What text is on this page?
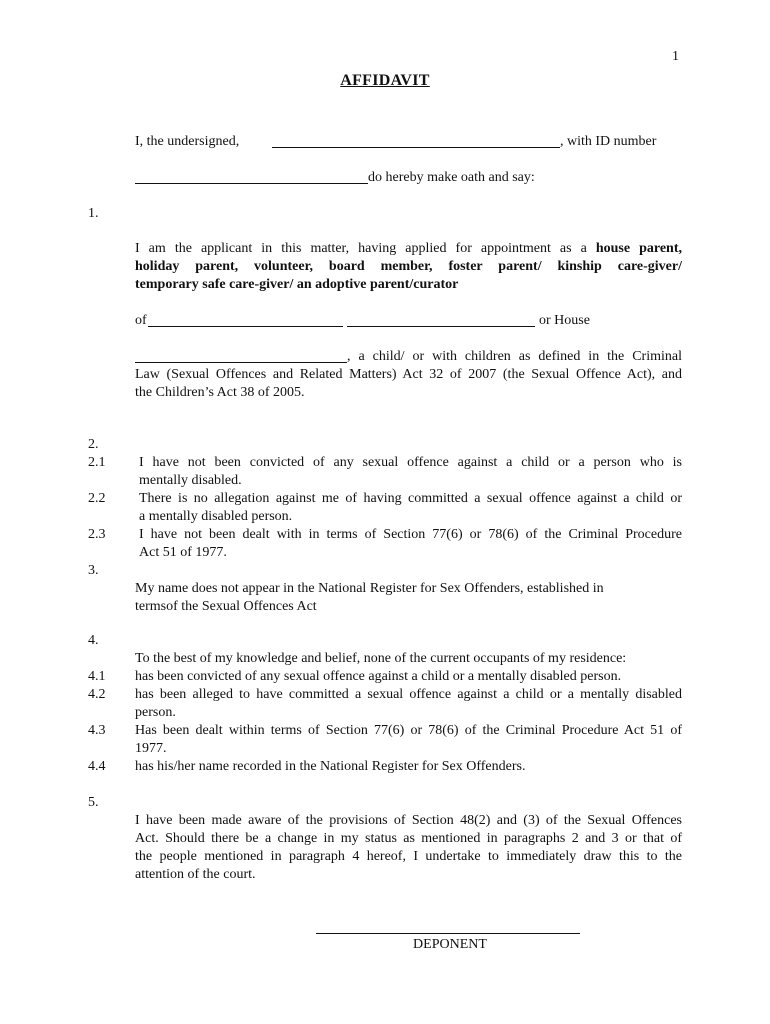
1
AFFIDAVIT
I, the undersigned,	, with ID number
do hereby make oath and say:
1.
I am the applicant in this matter, having applied for appointment as a house parent,
holiday parent, volunteer, board member, foster parent/ kinship care-giver/
temporary safe care-giver/ an adoptive parent/curator
of	or House
, a child/ or with children as defined in the Criminal
Law (Sexual Offences and Related Matters) Act 32 of 2007 (the Sexual Offence Act), and
the Children’s Act 38 of 2005.
2.
2.1 I have not been convicted of any sexual offence against a child or a person who is
mentally disabled.
2.2 There is no allegation against me of having committed a sexual offence against a child or
a mentally disabled person.
2.3 I have not been dealt with in terms of Section 77(6) or 78(6) of the Criminal Procedure
Act 51 of 1977.
3.
My name does not appear in the National Register for Sex Offenders, established in
termsof the Sexual Offences Act
4.
To the best of my knowledge and belief, none of the current occupants of my residence:
4.1 has been convicted of any sexual offence against a child or a mentally disabled person.
4.2 has been alleged to have committed a sexual offence against a child or a mentally disabled
person.
4.3 Has been dealt within terms of Section 77(6) or 78(6) of the Criminal Procedure Act 51 of
1977.
4.4 has his/her name recorded in the National Register for Sex Offenders.
5.
I have been made aware of the provisions of Section 48(2) and (3) of the Sexual Offences
Act. Should there be a change in my status as mentioned in paragraphs 2 and 3 or that of
the people mentioned in paragraph 4 hereof, I undertake to immediately draw this to the
attention of the court.
DEPONENT
